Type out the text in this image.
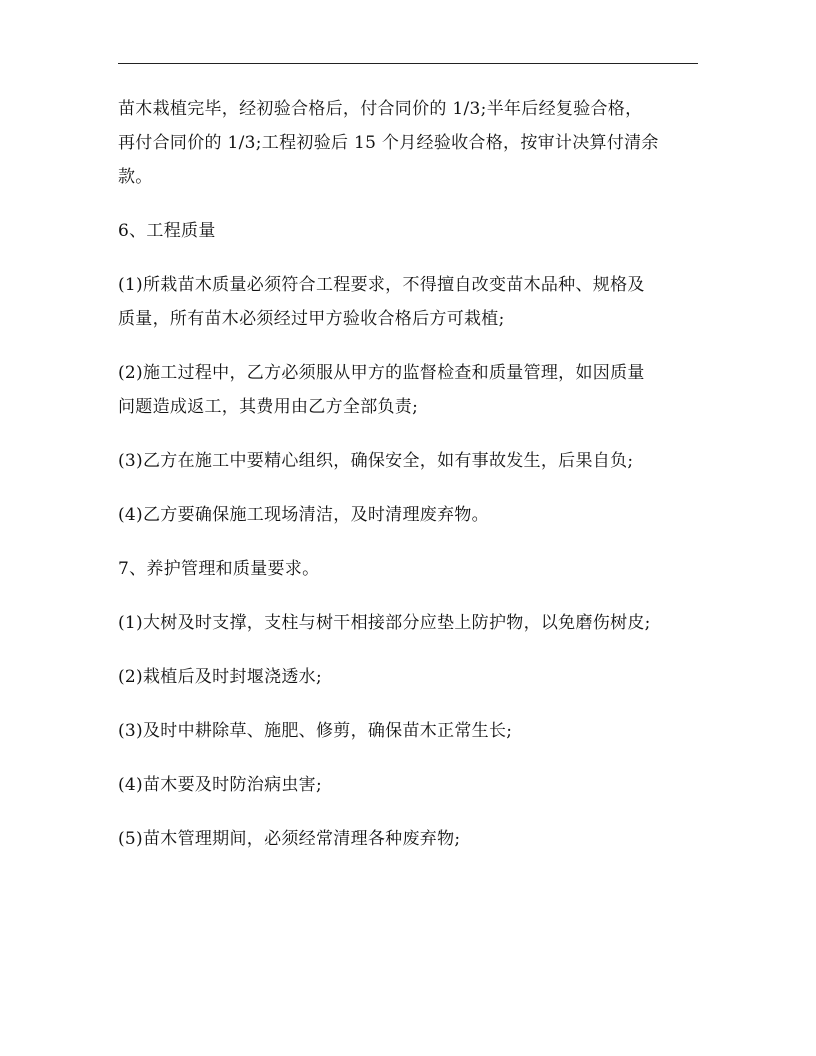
苗木栽植完毕，经初验合格后，付合同价的 1/3;半年后经复验合格，
再付合同价的 1/3;工程初验后 15 个月经验收合格，按审计决算付清余
款。

6、工程质量

(1)所栽苗木质量必须符合工程要求，不得擅自改变苗木品种、规格及
质量，所有苗木必须经过甲方验收合格后方可栽植;

(2)施工过程中，乙方必须服从甲方的监督检查和质量管理，如因质量
问题造成返工，其费用由乙方全部负责;

(3)乙方在施工中要精心组织，确保安全，如有事故发生，后果自负;

(4)乙方要确保施工现场清洁，及时清理废弃物。

7、养护管理和质量要求。

(1)大树及时支撑，支柱与树干相接部分应垫上防护物，以免磨伤树皮;

(2)栽植后及时封堰浇透水;

(3)及时中耕除草、施肥、修剪，确保苗木正常生长;

(4)苗木要及时防治病虫害;

(5)苗木管理期间，必须经常清理各种废弃物;
